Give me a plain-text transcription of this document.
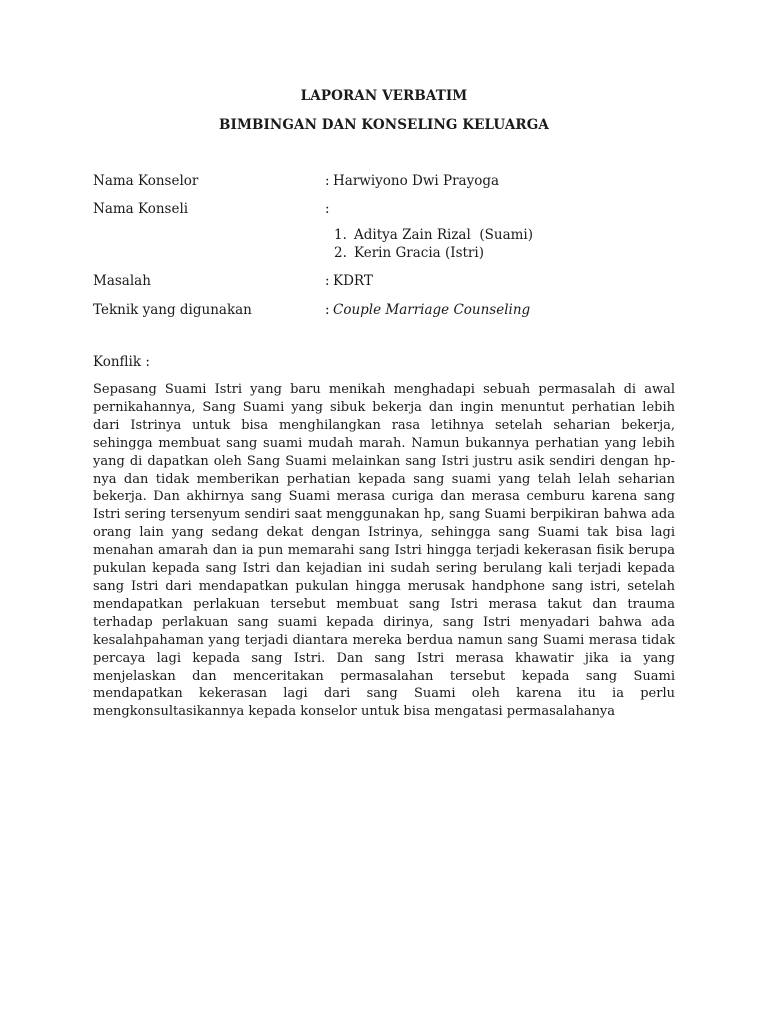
LAPORAN VERBATIM
BIMBINGAN DAN KONSELING KELUARGA
Nama Konselor	: Harwiyono Dwi Prayoga
Nama Konseli	:
1. Aditya Zain Rizal  (Suami)
2. Kerin Gracia (Istri)
Masalah	: KDRT
Teknik yang digunakan	: Couple Marriage Counseling
Konflik :
Sepasang Suami Istri yang baru menikah menghadapi sebuah permasalah di awal pernikahannya, Sang Suami yang sibuk bekerja dan ingin menuntut perhatian lebih dari Istrinya untuk bisa menghilangkan rasa letihnya setelah seharian bekerja, sehingga membuat sang suami mudah marah. Namun bukannya perhatian yang lebih yang di dapatkan oleh Sang Suami melainkan sang Istri justru asik sendiri dengan hp-nya dan tidak memberikan perhatian kepada sang suami yang telah lelah seharian bekerja. Dan akhirnya sang Suami merasa curiga dan merasa cemburu karena sang Istri sering tersenyum sendiri saat menggunakan hp, sang Suami berpikiran bahwa ada orang lain yang sedang dekat dengan Istrinya, sehingga sang Suami tak bisa lagi menahan amarah dan ia pun memarahi sang Istri hingga terjadi kekerasan fisik berupa pukulan kepada sang Istri dan kejadian ini sudah sering berulang kali terjadi kepada sang Istri dari mendapatkan pukulan hingga merusak handphone sang istri, setelah mendapatkan perlakuan tersebut membuat sang Istri merasa takut dan trauma terhadap perlakuan sang suami kepada dirinya, sang Istri menyadari bahwa ada kesalahpahaman yang terjadi diantara mereka berdua namun sang Suami merasa tidak percaya lagi kepada sang Istri. Dan sang Istri merasa khawatir jika ia yang menjelaskan dan menceritakan permasalahan tersebut kepada sang Suami mendapatkan kekerasan lagi dari sang Suami oleh karena itu ia perlu mengkonsultasikannya kepada konselor untuk bisa mengatasi permasalahanya
